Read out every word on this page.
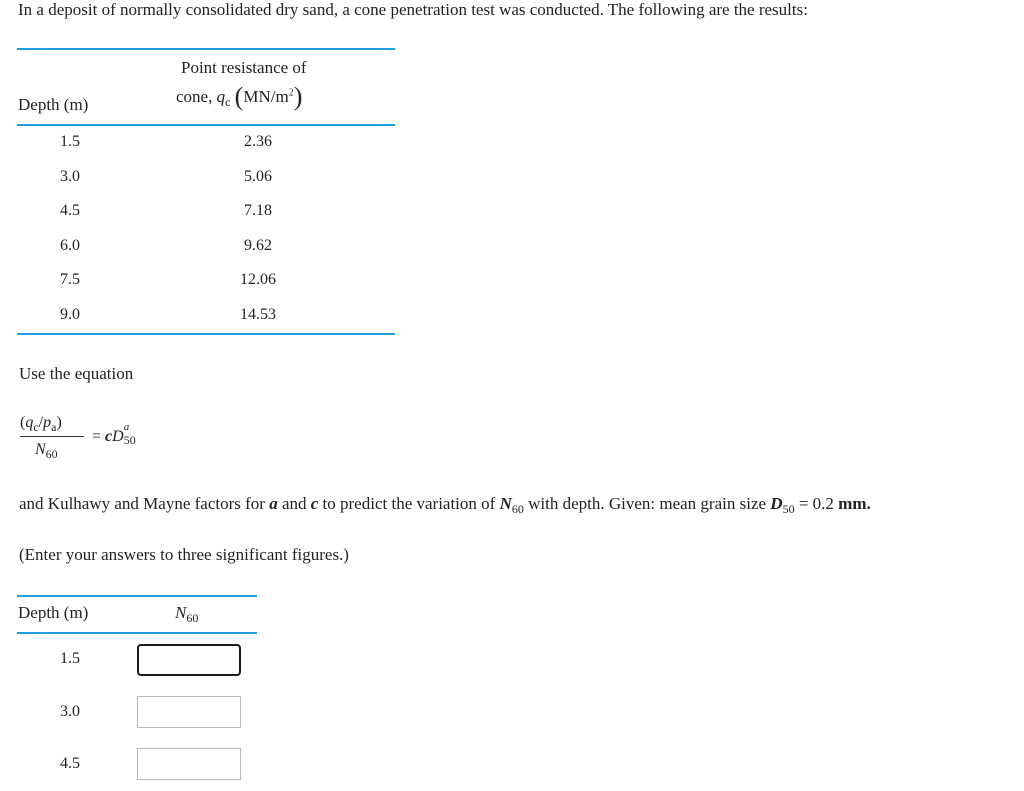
In a deposit of normally consolidated dry sand, a cone penetration test was conducted. The following are the results:
Point resistance of
Depth (m)	cone, $q_c$ $(MN/m^2)$
1.5	2.36
3.0	5.06
4.5	7.18
6.0	9.62
7.5	12.06
9.0	14.53
Use the equation
$(q_c/p_a)$
$N_{60}$
= cD
a
50
and Kulhawy and Mayne factors for a and c to predict the variation of $N_{60}$ with depth. Given: mean grain size $D_{50} = 0.2$ mm.
(Enter your answers to three significant figures.)
Depth (m)	$N_{60}$
1.5
3.0
4.5
